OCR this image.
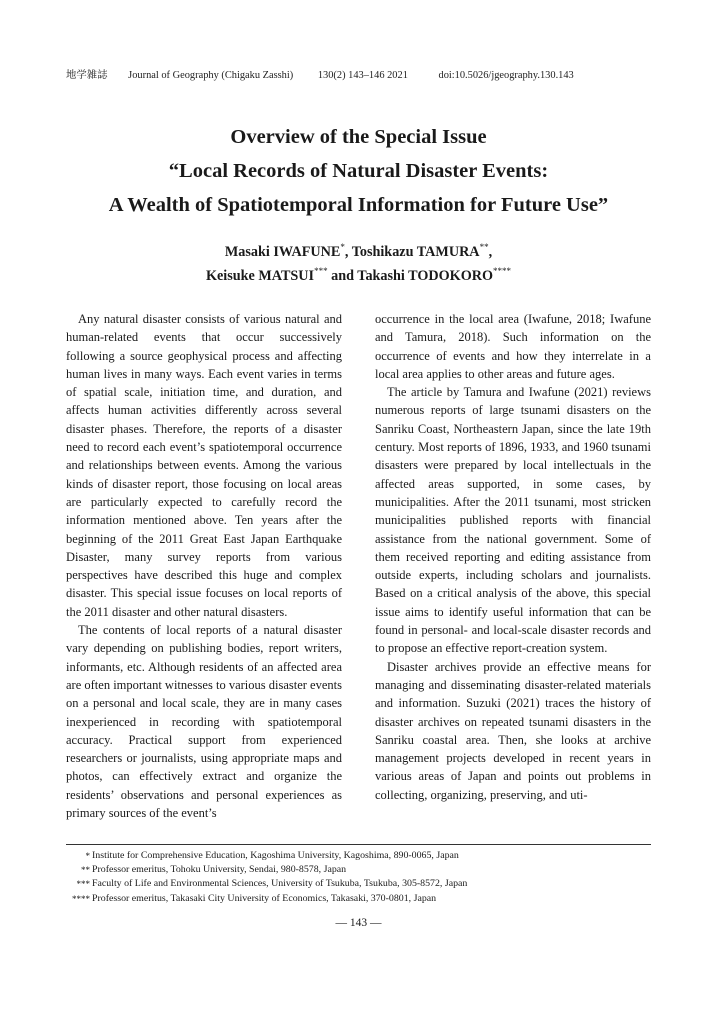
地学雑誌 Journal of Geography (Chigaku Zasshi) 130(2) 143–146 2021	doi:10.5026/jgeography.130.143
Overview of the Special Issue
“Local Records of Natural Disaster Events:
A Wealth of Spatiotemporal Information for Future Use”
Masaki IWAFUNE*, Toshikazu TAMURA**,
Keisuke MATSUI*** and Takashi TODOKORO****

Any natural disaster consists of various natural and human-related events that occur successively following a source geophysical process and affecting human lives in many ways. Each event varies in terms of spatial scale, initiation time, and duration, and affects human activities differently across several disaster phases. Therefore, the reports of a disaster need to record each event’s spatiotemporal occurrence and relationships between events. Among the various kinds of disaster report, those focusing on local areas are particularly expected to carefully record the information mentioned above. Ten years after the beginning of the 2011 Great East Japan Earthquake Disaster, many survey reports from various perspectives have described this huge and complex disaster. This special issue focuses on local reports of the 2011 disaster and other natural disasters.

The contents of local reports of a natural disaster vary depending on publishing bodies, report writers, informants, etc. Although residents of an affected area are often important witnesses to various disaster events on a personal and local scale, they are in many cases inexperienced in recording with spatiotemporal accuracy. Practical support from experienced researchers or journalists, using appropriate maps and photos, can effectively extract and organize the residents’ observations and personal experiences as primary sources of the event’s

occurrence in the local area (Iwafune, 2018; Iwafune and Tamura, 2018). Such information on the occurrence of events and how they interrelate in a local area applies to other areas and future ages.

The article by Tamura and Iwafune (2021) reviews numerous reports of large tsunami disasters on the Sanriku Coast, Northeastern Japan, since the late 19th century. Most reports of 1896, 1933, and 1960 tsunami disasters were prepared by local intellectuals in the affected areas supported, in some cases, by municipalities. After the 2011 tsunami, most stricken municipalities published reports with financial assistance from the national government. Some of them received reporting and editing assistance from outside experts, including scholars and journalists. Based on a critical analysis of the above, this special issue aims to identify useful information that can be found in personal- and local-scale disaster records and to propose an effective report-creation system.

Disaster archives provide an effective means for managing and disseminating disaster-related materials and information. Suzuki (2021) traces the history of disaster archives on repeated tsunami disasters in the Sanriku coastal area. Then, she looks at archive management projects developed in recent years in various areas of Japan and points out problems in collecting, organizing, preserving, and uti-

* Institute for Comprehensive Education, Kagoshima University, Kagoshima, 890-0065, Japan
** Professor emeritus, Tohoku University, Sendai, 980-8578, Japan
*** Faculty of Life and Environmental Sciences, University of Tsukuba, Tsukuba, 305-8572, Japan
**** Professor emeritus, Takasaki City University of Economics, Takasaki, 370-0801, Japan
— 143 —
